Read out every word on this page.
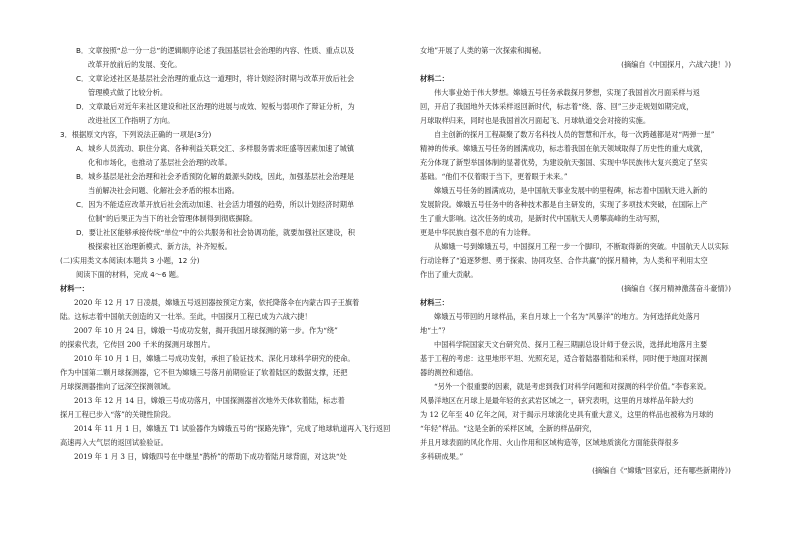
B．文章按照“总一分一总”的逻辑顺序论述了我国基层社会治理的内容、性质、重点以及

改革开放前后的发展、变化。

C．文章论述社区是基层社会治理的重点这一道理时，将计划经济时期与改革开放后社会

管理模式做了比较分析。

D．文章最后对近年来社区建设和社区治理的进展与成效、短板与弱项作了辩证分析，为

改进社区工作指明了方向。

3．根据原文内容，下列说法正确的一项是(3分)

A．城乡人员流动、职住分离、各种利益关联交汇、多样服务需求旺盛等因素加速了城镇

化和市场化，也推动了基层社会治理的改革。

B．城乡基层是社会治理和社会矛盾预防化解的最源头防线，因此，加强基层社会治理是

当前解决社会问题、化解社会矛盾的根本出路。

C．因为不能适应改革开放后社会流动加速、社会活力增强的趋势，所以计划经济时期单

位制”的后果正为当下的社会管理体制得到彻底摒除。

D．要让社区能够承接传统“单位”中的公共服务和社会协调功能，就要加强社区建设，积

极探索社区治理新模式、新方法，补齐短板。

(二)实用类文本阅读(本题共 3 小题，12 分)

阅读下面的材料，完成 4～6 题。

材料一：

2020 年 12 月 17 日凌晨，嫦娥五号返回器按预定方案，依托降落伞在内蒙古四子王旗着

陆。这标志着中国航天创造的又一壮举。至此，中国探月工程已成为六战六捷！

2007 年 10 月 24 日，嫦娥一号成功发射，揭开我国月球探测的第一步。作为“绕”

的探索代表，它传回 200 千米的探测月球图片。

2010 年 10 月 1 日，嫦娥二号成功发射，承担了验证技术、深化月球科学研究的使命。

作为中国第二颗月球探测器，它不但为嫦娥三号落月前期验证了软着陆区的数据支撑，还把

月球探测器推向了远深空探测领域。

2013 年 12 月 14 日，嫦娥三号成功落月，中国探测器首次地外天体软着陆，标志着

探月工程已步入“落”的关键性阶段。

2014 年 11 月 1 日，嫦娥五 T1 试验器作为嫦娥五号的“探路先锋”，完成了地球轨道再入飞行返回

高速再入大气层的返回试验验证。

2019 年 1 月 3 日，嫦娥四号在中继星“鹊桥”的帮助下成功着陆月球背面，对这块“处

女地”开展了人类的第一次探索和揭秘。

(摘编自《中国探月，六战六捷！》)

材料二：

伟大事业始于伟大梦想。嫦娥五号任务承载探月梦想，实现了我国首次月面采样与返

回，开启了我国地外天体采样返回新时代，标志着“绕、落、回”三步走规划如期完成，

月球取样归来，同时也是我国首次月面起飞、月球轨道交会对接的实施。

自主创新的探月工程凝聚了数万名科技人员的智慧和汗水，每一次跨越都是对“两弹一星”

精神的传承。嫦娥五号任务的圆满成功，标志着我国在航天领域取得了历史性的重大成就，

充分体现了新型举国体制的显著优势，为建设航天强国、实现中华民族伟大复兴奠定了坚实

基础。“他们不仅着眼于当下，更着眼于未来。”

嫦娥五号任务的圆满成功，是中国航天事业发展中的里程碑，标志着中国航天进入新的

发展阶段。嫦娥五号任务中的各种技术都是自主研发的，实现了多项技术突破，在国际上产

生了重大影响。这次任务的成功，是新时代中国航天人勇攀高峰的生动写照，

更是中华民族自强不息的有力诠释。

从嫦娥一号到嫦娥五号，中国探月工程一步一个脚印，不断取得新的突破。中国航天人以实际

行动诠释了“追逐梦想、勇于探索、协同攻坚、合作共赢”的探月精神，为人类和平利用太空

作出了重大贡献。

(摘编自《探月精神激荡奋斗豪情》)

材料三：

嫦娥五号带回的月球样品，来自月球上一个名为“风暴洋”的地方。为何选择此处落月

地“土”？

中国科学院国家天文台研究员、探月工程三期副总设计师于登云说，选择此地落月主要

基于工程的考虑：这里地形平坦、光照充足，适合着陆器着陆和采样，同时便于地面对探测

器的测控和通信。

“另外一个很重要的因素，就是考虑到我们对科学问题和对探测的科学价值。”李春来说。

风暴洋地区在月球上是最年轻的玄武岩区域之一，研究表明，这里的月球样品年龄大约

为 12 亿年至 40 亿年之间，对于揭示月球演化史具有重大意义，这里的样品也被称为月球的

“年轻”样品。“这是全新的采样区域，全新的样品研究，

并且月球表面的风化作用、火山作用和区域构造等，区域地质演化方面能获得很多

多科研成果。”

(摘编自《“嫦娥”回家后，还有哪些新期待》)
